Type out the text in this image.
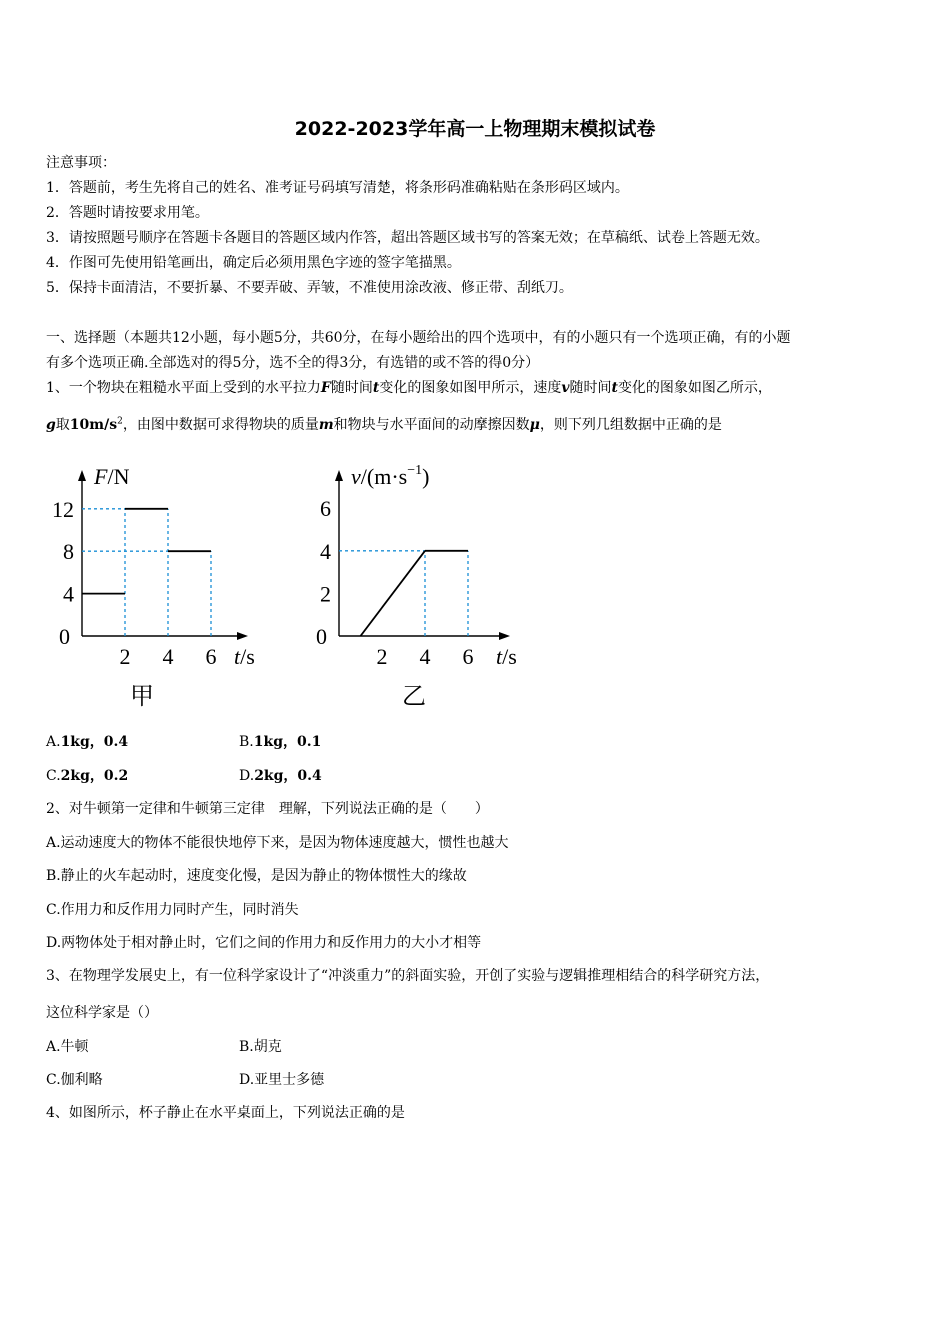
2022-2023学年高一上物理期末模拟试卷
注意事项：
1．答题前，考生先将自己的姓名、准考证号码填写清楚，将条形码准确粘贴在条形码区域内。
2．答题时请按要求用笔。
3．请按照题号顺序在答题卡各题目的答题区域内作答，超出答题区域书写的答案无效；在草稿纸、试卷上答题无效。
4．作图可先使用铅笔画出，确定后必须用黑色字迹的签字笔描黑。
5．保持卡面清洁，不要折暴、不要弄破、弄皱，不准使用涂改液、修正带、刮纸刀。
一、选择题（本题共12小题，每小题5分，共60分，在每小题给出的四个选项中，有的小题只有一个选项正确，有的小题
有多个选项正确.全部选对的得5分，选不全的得3分，有选错的或不答的得0分）
1、一个物块在粗糙水平面上受到的水平拉力F随时间t变化的图象如图甲所示，速度v随时间t变化的图象如图乙所示，
g取$10m/s^2$，由图中数据可求得物块的质量m和物块与水平面间的动摩擦因数μ，则下列几组数据中正确的是
2 4 6
4
8
12
0
t/s
F/N
甲
2 4 6
2
4
6
0
t/s
$v/(m\cdot s^{-1})$
乙
A.1kg，0.4	B.1kg，0.1
C.2kg，0.2	D.2kg，0.4
2、对牛顿第一定律和牛顿第三定律　理解，下列说法正确的是（　　）
A.运动速度大的物体不能很快地停下来，是因为物体速度越大，惯性也越大
B.静止的火车起动时，速度变化慢，是因为静止的物体惯性大的缘故
C.作用力和反作用力同时产生，同时消失
D.两物体处于相对静止时，它们之间的作用力和反作用力的大小才相等
3、在物理学发展史上，有一位科学家设计了“冲淡重力”的斜面实验，开创了实验与逻辑推理相结合的科学研究方法，
这位科学家是（）
A.牛顿	B.胡克
C.伽利略	D.亚里士多德
4、如图所示，杯子静止在水平桌面上，下列说法正确的是
